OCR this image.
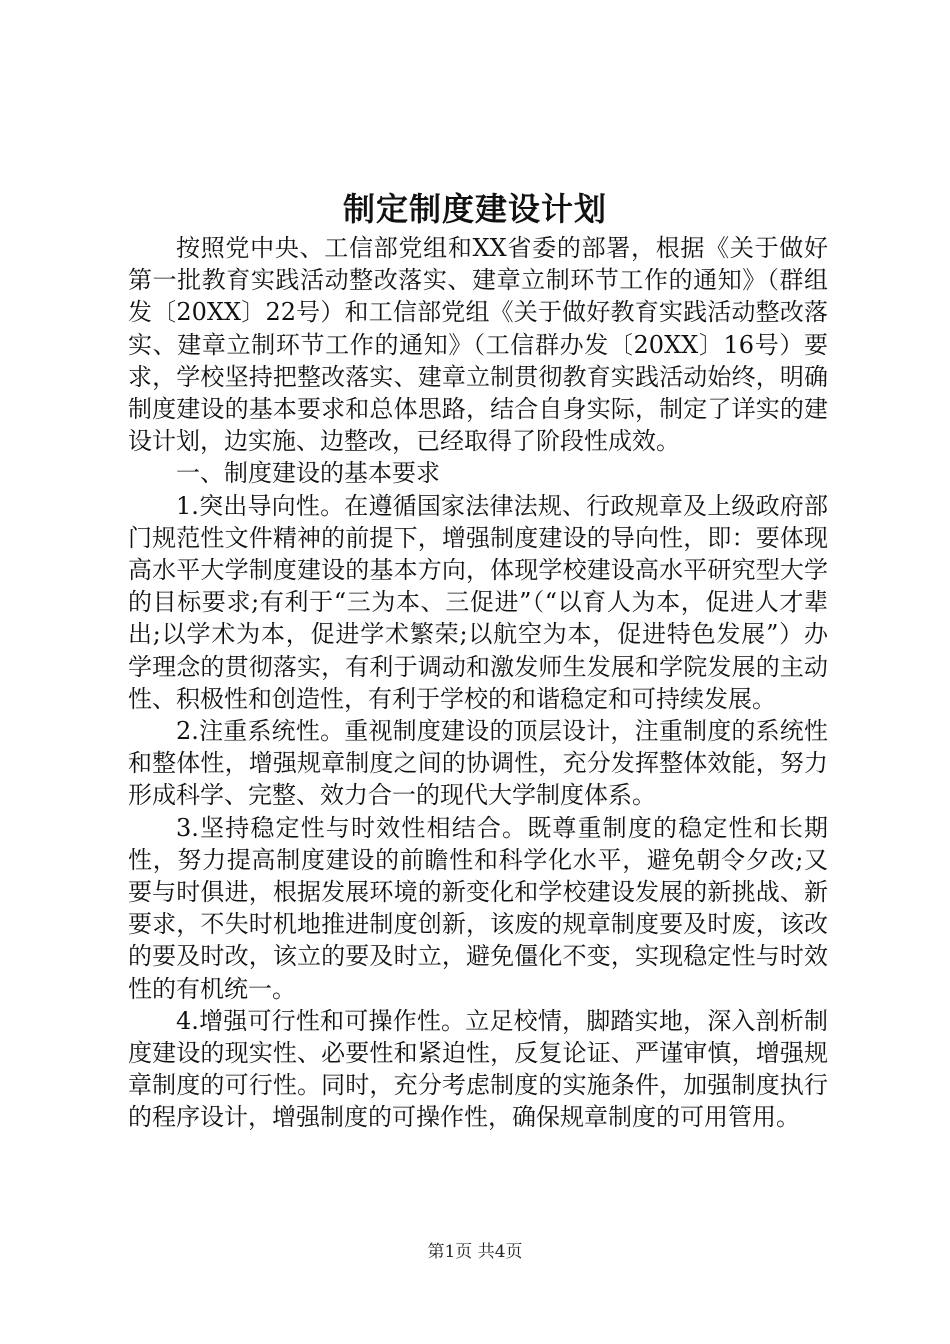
制定制度建设计划

按照党中央、工信部党组和XX省委的部署，根据《关于做好第一批教育实践活动整改落实、建章立制环节工作的通知》（群组发〔20XX〕22号）和工信部党组《关于做好教育实践活动整改落实、建章立制环节工作的通知》（工信群办发〔20XX〕16号）要求，学校坚持把整改落实、建章立制贯彻教育实践活动始终，明确制度建设的基本要求和总体思路，结合自身实际，制定了详实的建设计划，边实施、边整改，已经取得了阶段性成效。

一、制度建设的基本要求

1.突出导向性。在遵循国家法律法规、行政规章及上级政府部门规范性文件精神的前提下，增强制度建设的导向性，即：要体现高水平大学制度建设的基本方向，体现学校建设高水平研究型大学的目标要求;有利于“三为本、三促进”（“以育人为本，促进人才辈出;以学术为本，促进学术繁荣;以航空为本，促进特色发展”）办学理念的贯彻落实，有利于调动和激发师生发展和学院发展的主动性、积极性和创造性，有利于学校的和谐稳定和可持续发展。

2.注重系统性。重视制度建设的顶层设计，注重制度的系统性和整体性，增强规章制度之间的协调性，充分发挥整体效能，努力形成科学、完整、效力合一的现代大学制度体系。

3.坚持稳定性与时效性相结合。既尊重制度的稳定性和长期性，努力提高制度建设的前瞻性和科学化水平，避免朝令夕改;又要与时俱进，根据发展环境的新变化和学校建设发展的新挑战、新要求，不失时机地推进制度创新，该废的规章制度要及时废，该改的要及时改，该立的要及时立，避免僵化不变，实现稳定性与时效性的有机统一。

4.增强可行性和可操作性。立足校情，脚踏实地，深入剖析制度建设的现实性、必要性和紧迫性，反复论证、严谨审慎，增强规章制度的可行性。同时，充分考虑制度的实施条件，加强制度执行的程序设计，增强制度的可操作性，确保规章制度的可用管用。

第1页 共4页
